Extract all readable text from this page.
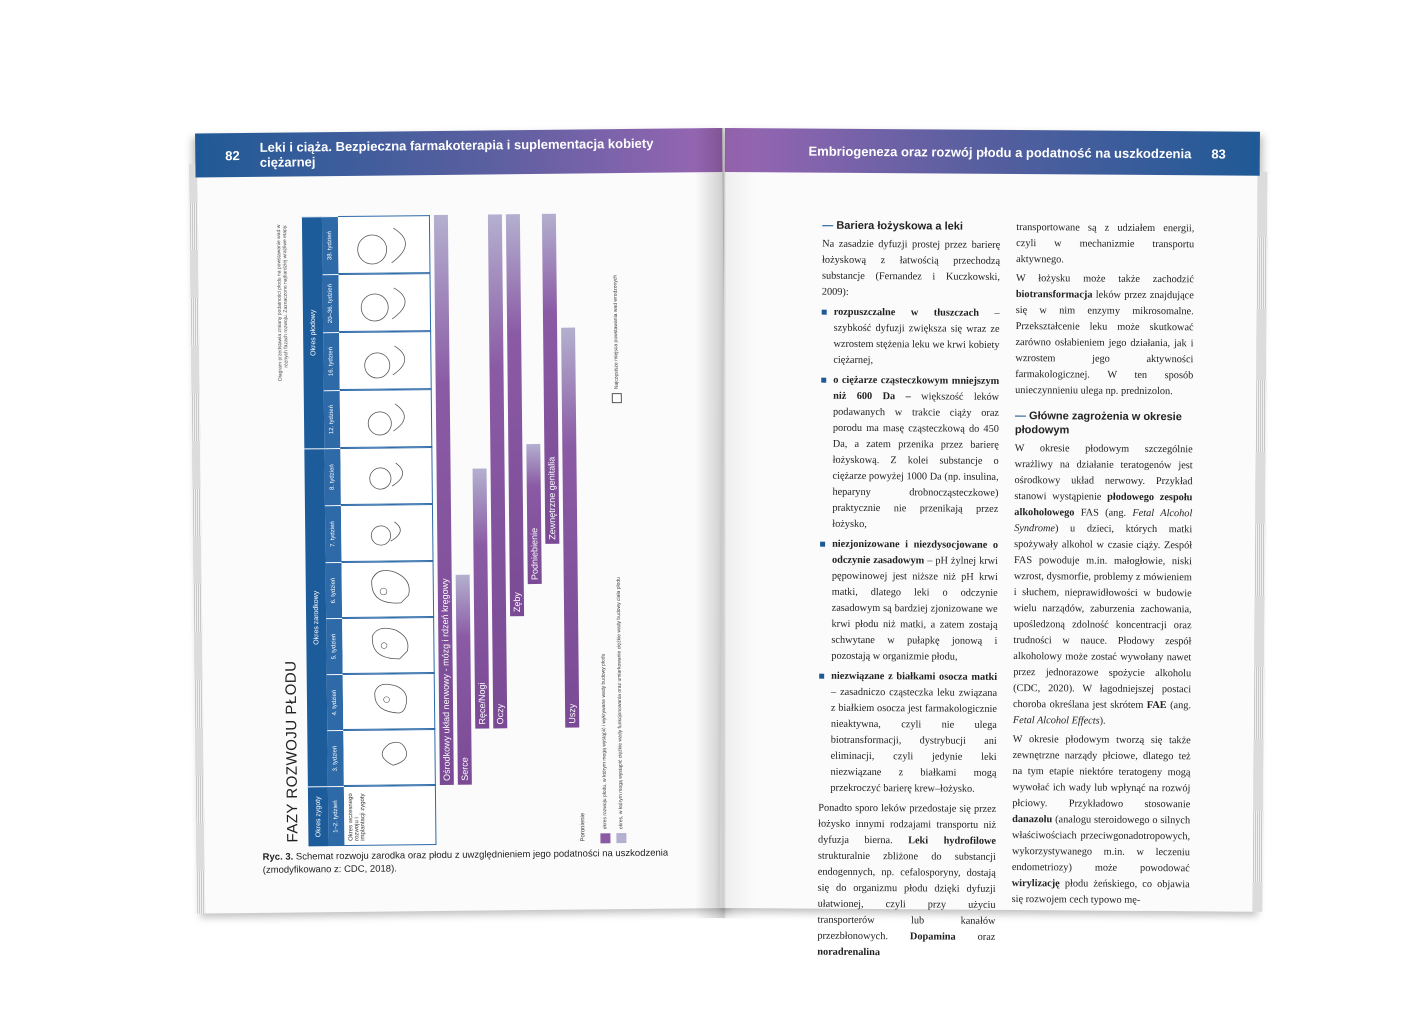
82
Leki i ciąża. Bezpieczna farmakoterapia i suplementacja kobiety ciężarnej
FAZY ROZWOJU PŁODU
Diagram przedstawia zmiany podatności płodu na powstawanie wad w różnych fazach rozwoju. Zaznaczono najbardziej wrażliwe etapy.
Okres zygoty
Okres zarodkowy
Okres płodowy
1–2. tydzień
3. tydzień
4. tydzień
5. tydzień
6. tydzień
7. tydzień
8. tydzień
12. tydzień
16. tydzień
20–36. tydzień
38. tydzień
Okres wczesnego rozwoju i implantacji zygoty
Ośrodkowy układ nerwowy - mózg i rdzeń kręgowy Serce
Ręce/Nogi Oczy
Zęby
Podniebienie
Zewnętrzne genitalia
Uszy
Poronienie	okres rozwoju płodu, w którym mogą wystąpić i wykrywane wady budowy płodu okres, w którym mogą wystąpić ciężkie wady funkcjonowania oraz umiarkowanie ciężkie wady budowy ciała płodu
Najczęstsze miejsca powstawania wad wrodzonych
Ryc. 3. Schemat rozwoju zarodka oraz płodu z uwzględnieniem jego podatności na uszkodzenia (zmodyfikowano z: CDC, 2018).
Embriogeneza oraz rozwój płodu a podatność na uszkodzenia 83
— Bariera łożyskowa a leki

Na zasadzie dyfuzji prostej przez barierę łożyskową z łatwością przechodzą substancje (Fernandez i Kuczkowski, 2009):

rozpuszczalne w tłuszczach – szybkość dyfuzji zwiększa się wraz ze wzrostem stężenia leku we krwi kobiety ciężarnej,
o ciężarze cząsteczkowym mniejszym niż 600 Da – większość leków podawanych w trakcie ciąży oraz porodu ma masę cząsteczkową do 450 Da, a zatem przenika przez barierę łożyskową. Z kolei substancje o ciężarze powyżej 1000 Da (np. insulina, heparyny drobnocząsteczkowe) praktycznie nie przenikają przez łożysko,
niezjonizowane i niezdysocjowane o odczynie zasadowym – pH żylnej krwi pępowinowej jest niższe niż pH krwi matki, dlatego leki o odczynie zasadowym są bardziej zjonizowane we krwi płodu niż matki, a zatem zostają schwytane w pułapkę jonową i pozostają w organizmie płodu,
niezwiązane z białkami osocza matki – zasadniczo cząsteczka leku związana z białkiem osocza jest farmakologicznie nieaktywna, czyli nie ulega biotransformacji, dystrybucji ani eliminacji, czyli jedynie leki niezwiązane z białkami mogą przekroczyć barierę krew–łożysko.

Ponadto sporo leków przedostaje się przez łożysko innymi rodzajami transportu niż dyfuzja bierna. Leki hydrofilowe strukturalnie zbliżone do substancji endogennych, np. cefalosporyny, dostają się do organizmu płodu dzięki dyfuzji ułatwionej, czyli przy użyciu transporterów lub kanałów przezbłonowych. Dopamina oraz noradrenalina

transportowane są z udziałem energii, czyli w mechanizmie transportu aktywnego.

W łożysku może także zachodzić biotransformacja leków przez znajdujące się w nim enzymy mikrosomalne. Przekształcenie leku może skutkować zarówno osłabieniem jego działania, jak i wzrostem jego aktywności farmakologicznej. W ten sposób unieczynnieniu ulega np. prednizolon.

— Główne zagrożenia w okresie płodowym

W okresie płodowym szczególnie wrażliwy na działanie teratogenów jest ośrodkowy układ nerwowy. Przykład stanowi wystąpienie płodowego zespołu alkoholowego FAS (ang. Fetal Alcohol Syndrome) u dzieci, których matki spożywały alkohol w czasie ciąży. Zespół FAS powoduje m.in. małogłowie, niski wzrost, dysmorfie, problemy z mówieniem i słuchem, nieprawidłowości w budowie wielu narządów, zaburzenia zachowania, upośledzoną zdolność koncentracji oraz trudności w nauce. Płodowy zespół alkoholowy może zostać wywołany nawet przez jednorazowe spożycie alkoholu (CDC, 2020). W łagodniejszej postaci choroba określana jest skrótem FAE (ang. Fetal Alcohol Effects).

W okresie płodowym tworzą się także zewnętrzne narządy płciowe, dlatego też na tym etapie niektóre teratogeny mogą wywołać ich wady lub wpłynąć na rozwój płciowy. Przykładowo stosowanie danazolu (analogu steroidowego o silnych właściwościach przeciwgonadotropowych, wykorzystywanego m.in. w leczeniu endometriozy) może powodować wirylizację płodu żeńskiego, co objawia się rozwojem cech typowo mę-
